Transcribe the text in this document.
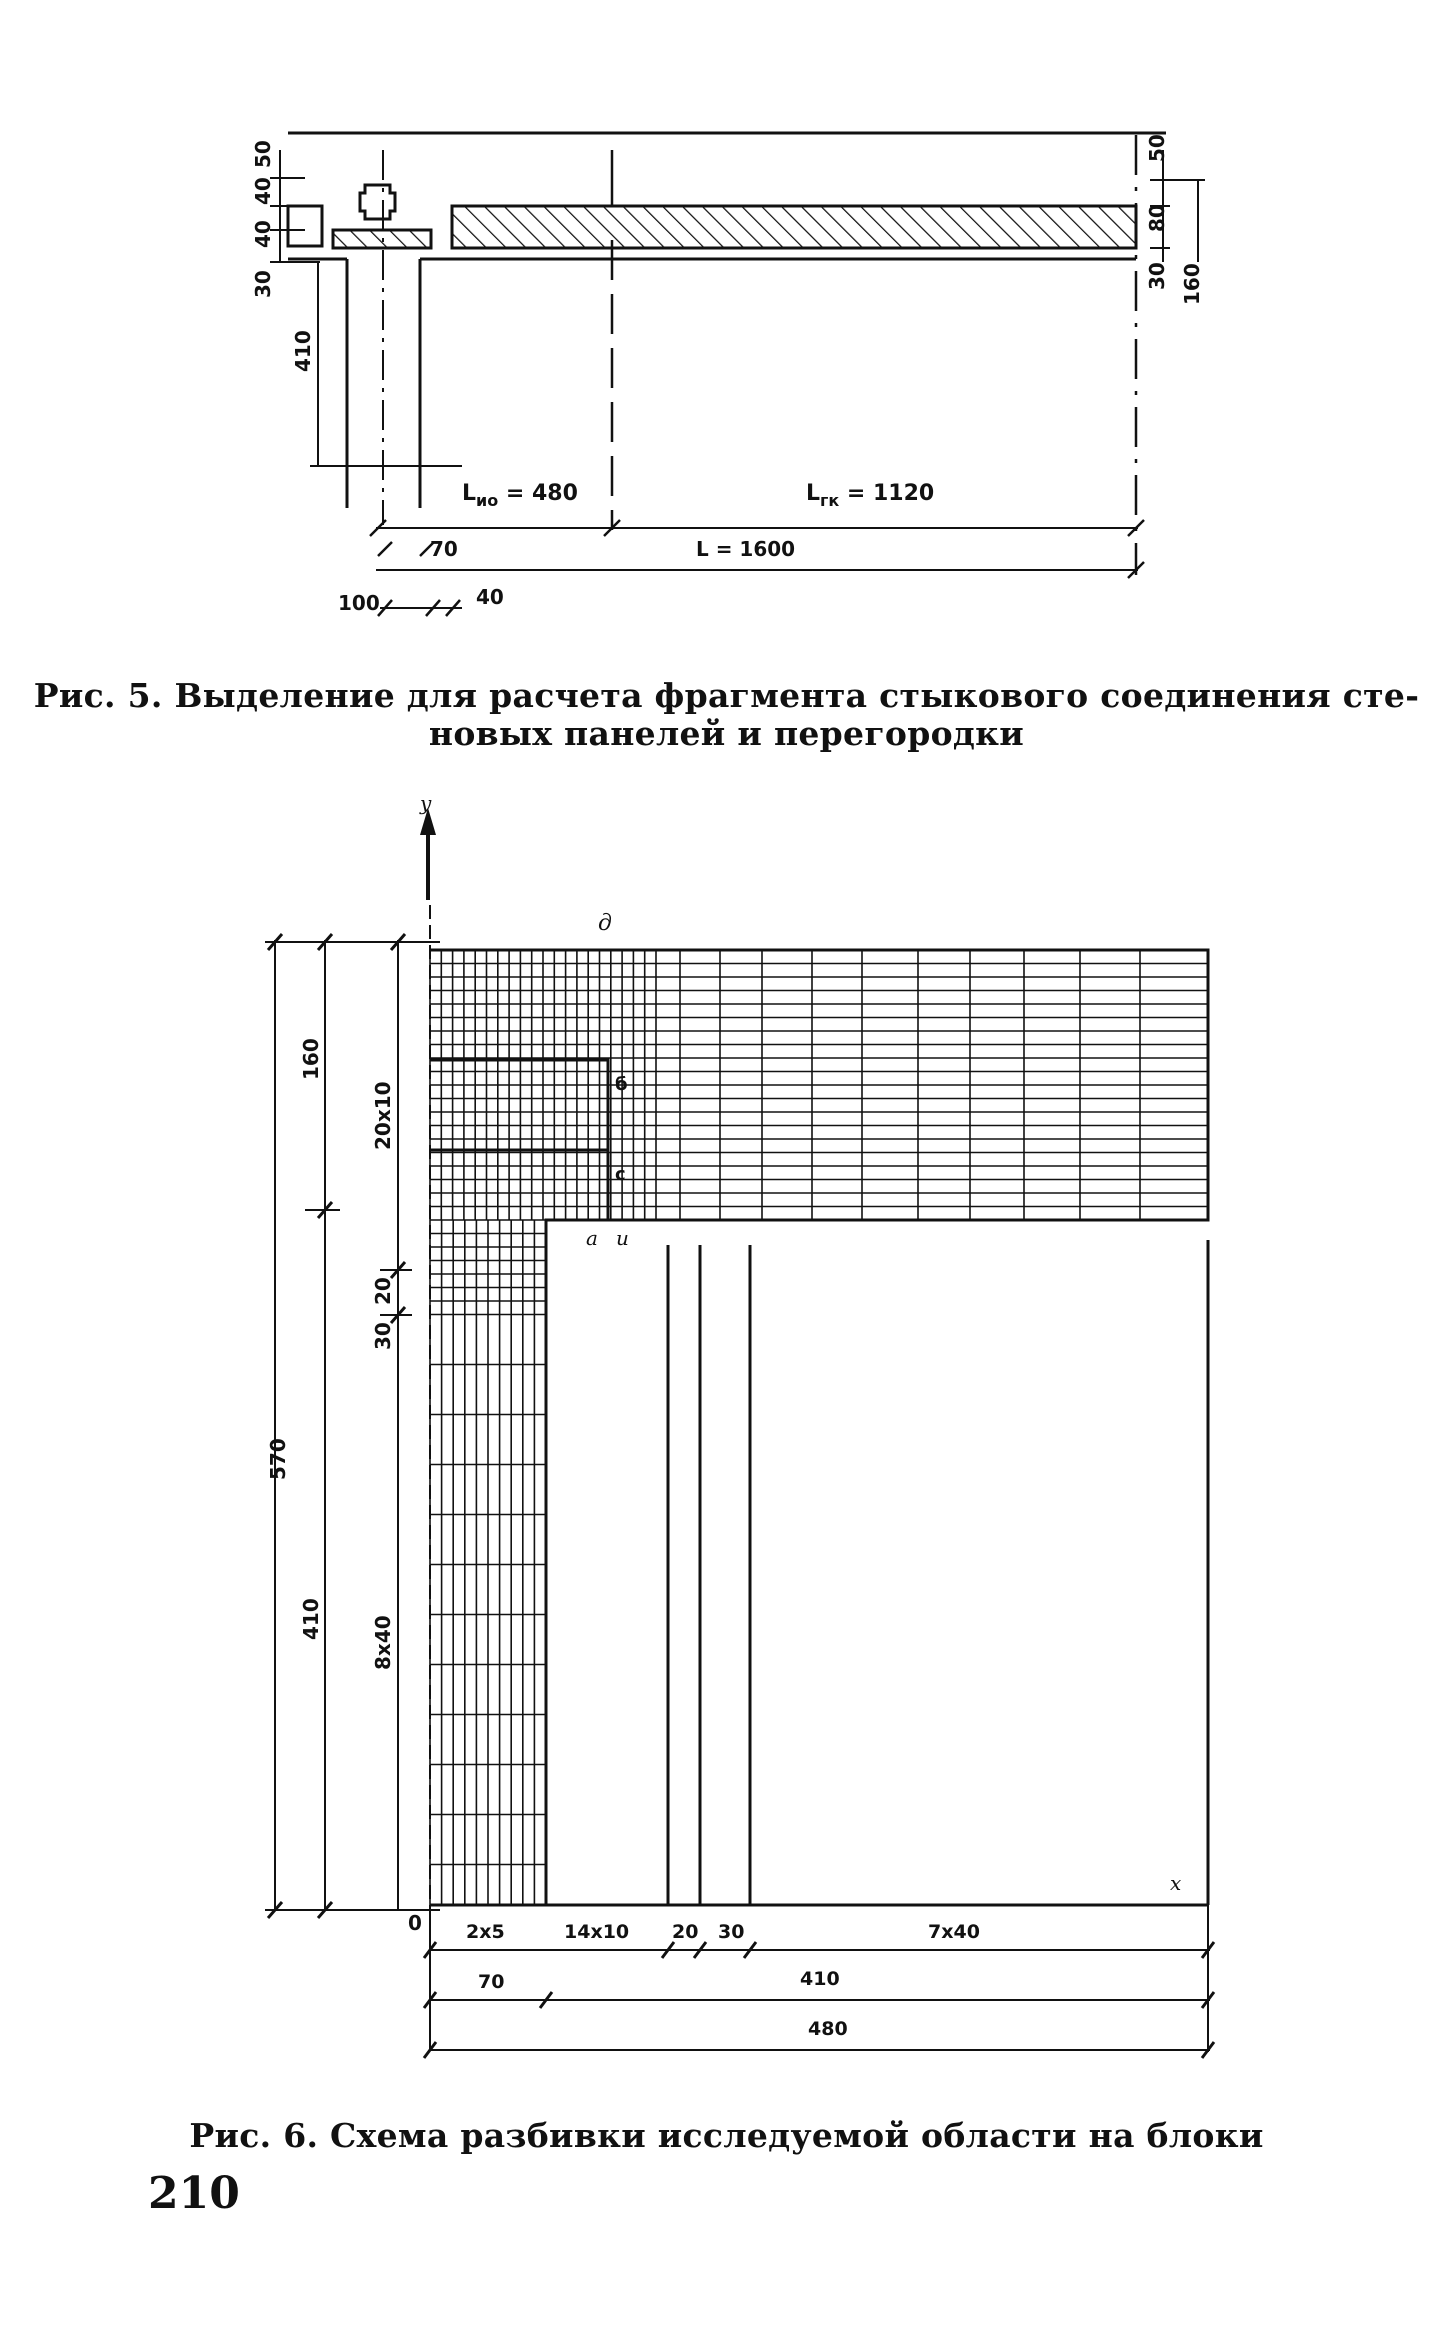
50
40
40
30
410
50
80
30 160
$L_{ио} = 480$	$L_{гк} = 1120$
70	L = 1600
100	40
Рис. 5. Выделение для расчета фрагмента стыкового соединения сте-
новых панелей и перегородки
y
x
0
д
б
с
а и
570
160
410
20x10
20
30
8x40
2x5	14x10 20 30	7x40
70	410
480
Рис. 6. Схема разбивки исследуемой области на блоки
210
